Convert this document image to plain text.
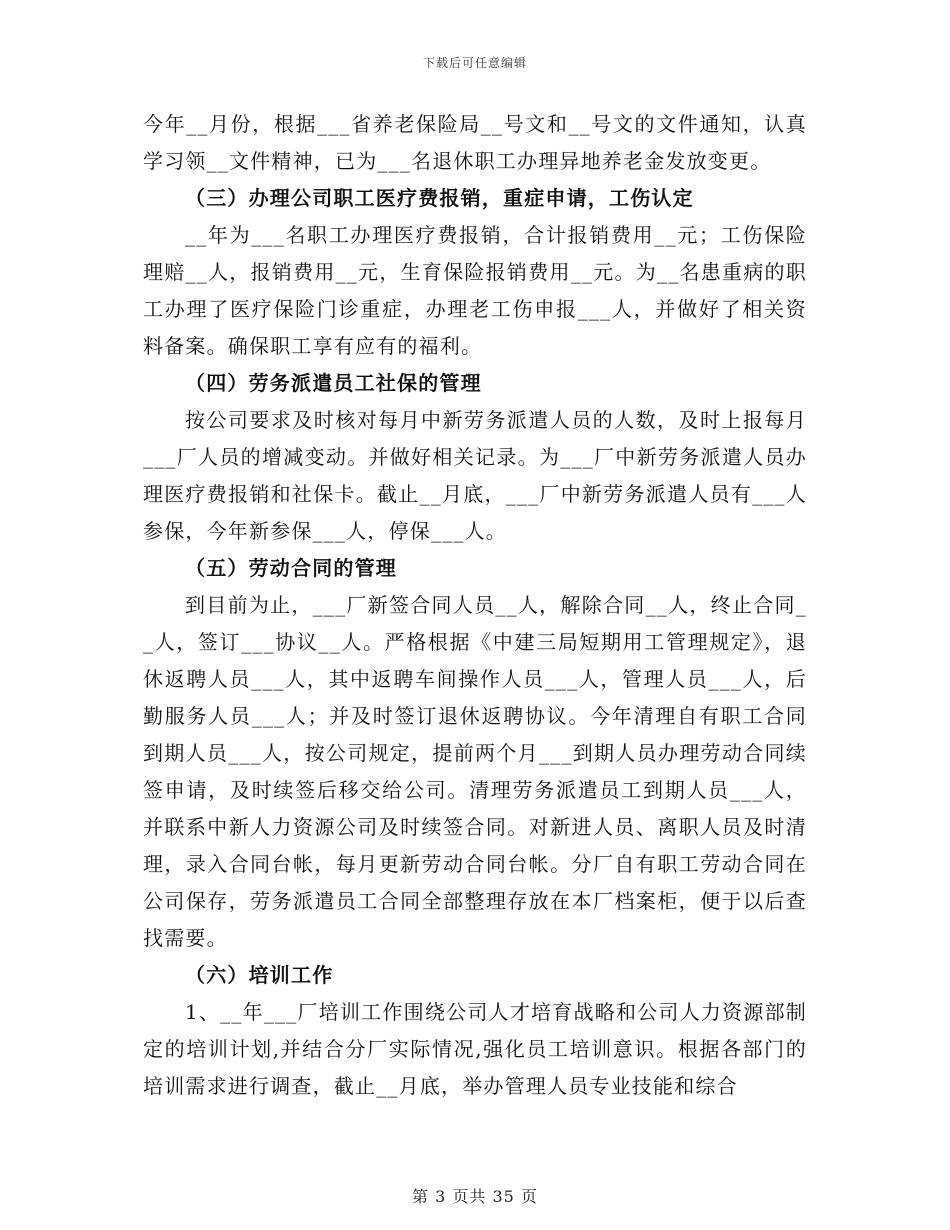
下载后可任意编辑

今年__月份，根据___省养老保险局__号文和__号文的文件通知，认真学习领__文件精神，已为___名退休职工办理异地养老金发放变更。

（三）办理公司职工医疗费报销，重症申请，工伤认定

__年为___名职工办理医疗费报销，合计报销费用__元；工伤保险理赔__人，报销费用__元，生育保险报销费用__元。为__名患重病的职工办理了医疗保险门诊重症，办理老工伤申报___人，并做好了相关资料备案。确保职工享有应有的福利。

（四）劳务派遣员工社保的管理

按公司要求及时核对每月中新劳务派遣人员的人数，及时上报每月___厂人员的增减变动。并做好相关记录。为___厂中新劳务派遣人员办理医疗费报销和社保卡。截止__月底，___厂中新劳务派遣人员有___人参保，今年新参保___人，停保___人。

（五）劳动合同的管理

到目前为止，___厂新签合同人员__人，解除合同__人，终止合同__人，签订___协议__人。严格根据《中建三局短期用工管理规定》，退休返聘人员___人，其中返聘车间操作人员___人，管理人员___人，后勤服务人员___人；并及时签订退休返聘协议。今年清理自有职工合同到期人员___人，按公司规定，提前两个月___到期人员办理劳动合同续签申请，及时续签后移交给公司。清理劳务派遣员工到期人员___人，并联系中新人力资源公司及时续签合同。对新进人员、离职人员及时清理，录入合同台帐，每月更新劳动合同台帐。分厂自有职工劳动合同在公司保存，劳务派遣员工合同全部整理存放在本厂档案柜，便于以后查找需要。

（六）培训工作

1、__年___厂培训工作围绕公司人才培育战略和公司人力资源部制定的培训计划,并结合分厂实际情况,强化员工培训意识。根据各部门的培训需求进行调查，截止__月底，举办管理人员专业技能和综合

第 3 页共 35 页
